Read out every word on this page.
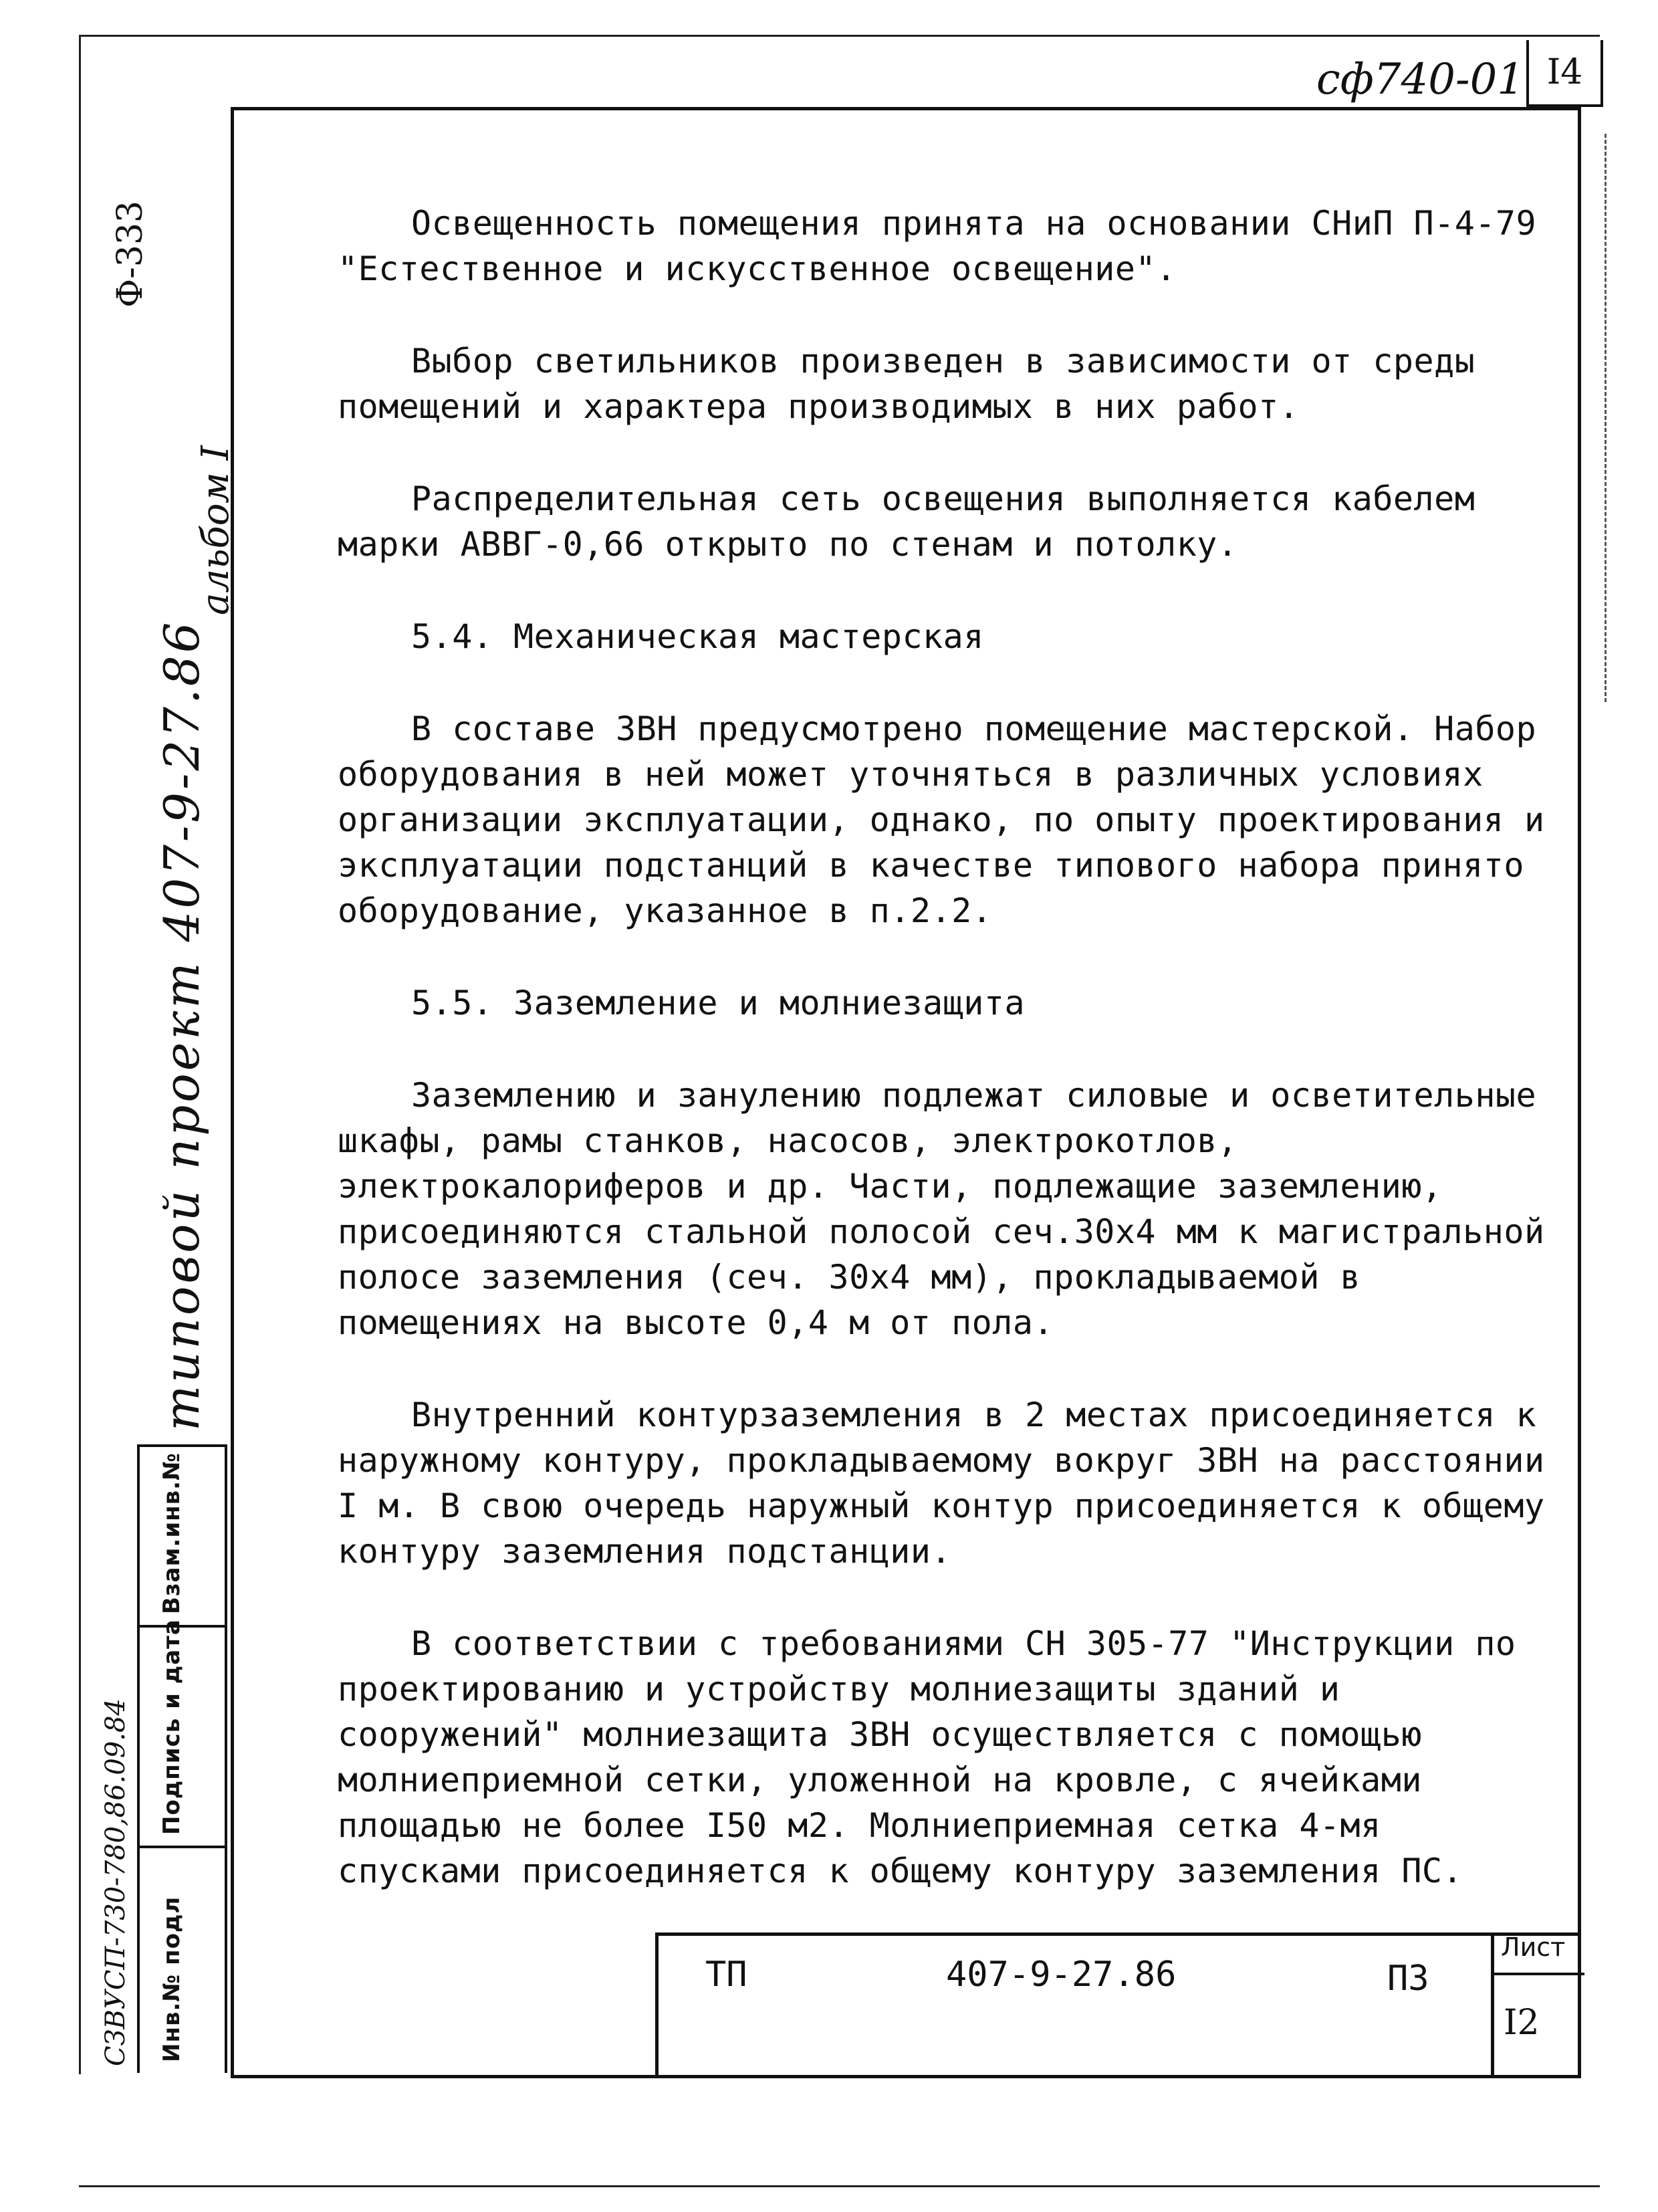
сф740-01 I4
Ф-333
альбом I
типовой проект 407-9-27.86
Взам.инв.№
Подпись и дата
Инв.№ подл
СЗВУСП-730-780,86.09.84

Освещенность помещения принята на основании СНиП П-4-79 "Естественное и искусственное освещение".

Выбор светильников произведен в зависимости от среды помещений и характера производимых в них работ.

Распределительная сеть освещения выполняется кабелем марки АВВГ-0,66 открыто по стенам и потолку.

5.4. Механическая мастерская

В составе ЗВН предусмотрено помещение мастерской. Набор оборудования в ней может уточняться в различных условиях организации эксплуатации, однако, по опыту проектирования и эксплуатации подстанций в качестве типового набора принято оборудование, указанное в п.2.2.

5.5. Заземление и молниезащита

Заземлению и занулению подлежат силовые и осветительные шкафы, рамы станков, насосов, электрокотлов, электрокалориферов и др. Части, подлежащие заземлению, присоединяются стальной полосой сеч.30х4 мм к магистральной полосе заземления (сеч. 30х4 мм), прокладываемой в помещениях на высоте 0,4 м от пола.

Внутренний контурзаземления в 2 местах присоединяется к наружному контуру, прокладываемому вокруг ЗВН на расстоянии I м. В свою очередь наружный контур присоединяется к общему контуру заземления подстанции.

В соответствии с требованиями СН 305-77 "Инструкции по проектированию и устройству молниезащиты зданий и сооружений" молниезащита ЗВН осуществляется с помощью молниеприемной сетки, уложенной на кровле, с ячейками площадью не более I50 м2. Молниеприемная сетка 4-мя спусками присоединяется к общему контуру заземления ПС.

ТП	407-9-27.86	ПЗ
Лист
I2
